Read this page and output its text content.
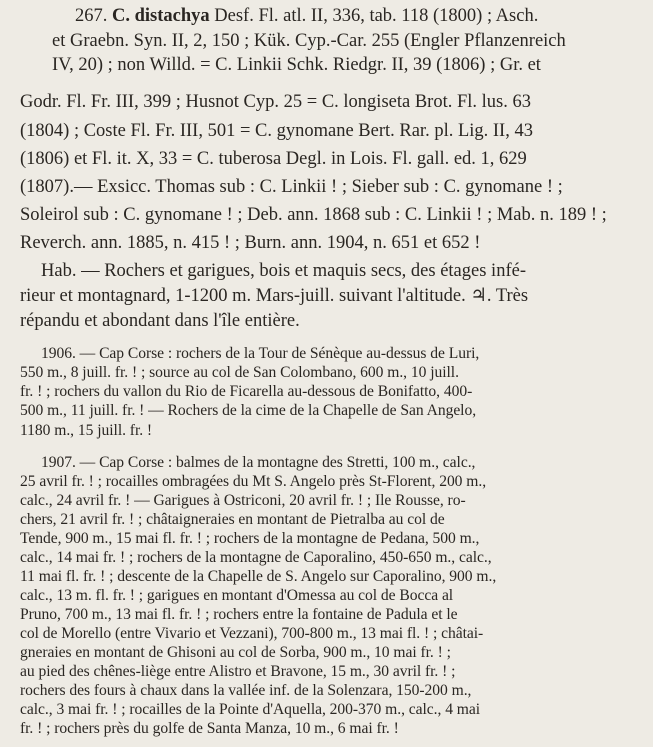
267. C. distachya Desf. Fl. atl. II, 336, tab. 118 (1800) ; Asch.
et Graebn. Syn. II, 2, 150 ; Kük. Cyp.-Car. 255 (Engler Pflanzenreich
IV, 20) ; non Willd. = C. Linkii Schk. Riedgr. II, 39 (1806) ; Gr. et
Godr. Fl. Fr. III, 399 ; Husnot Cyp. 25 = C. longiseta Brot. Fl. lus. 63
(1804) ; Coste Fl. Fr. III, 501 = C. gynomane Bert. Rar. pl. Lig. II, 43
(1806) et Fl. it. X, 33 = C. tuberosa Degl. in Lois. Fl. gall. ed. 1, 629
(1807).— Exsicc. Thomas sub : C. Linkii ! ; Sieber sub : C. gynomane ! ;
Soleirol sub : C. gynomane ! ; Deb. ann. 1868 sub : C. Linkii ! ; Mab. n. 189 ! ;
Reverch. ann. 1885, n. 415 ! ; Burn. ann. 1904, n. 651 et 652 !
Hab. — Rochers et garigues, bois et maquis secs, des étages infé-
rieur et montagnard, 1-1200 m. Mars-juill. suivant l'altitude. ♃. Très
répandu et abondant dans l'île entière.
1906. — Cap Corse : rochers de la Tour de Sénèque au-dessus de Luri,
550 m., 8 juill. fr. ! ; source au col de San Colombano, 600 m., 10 juill.
fr. ! ; rochers du vallon du Rio de Ficarella au-dessous de Bonifatto, 400-
500 m., 11 juill. fr. ! — Rochers de la cime de la Chapelle de San Angelo,
1180 m., 15 juill. fr. !
1907. — Cap Corse : balmes de la montagne des Stretti, 100 m., calc.,
25 avril fr. ! ; rocailles ombragées du Mt S. Angelo près St-Florent, 200 m.,
calc., 24 avril fr. ! — Garigues à Ostriconi, 20 avril fr. ! ; Ile Rousse, ro-
chers, 21 avril fr. ! ; châtaigneraies en montant de Pietralba au col de
Tende, 900 m., 15 mai fl. fr. ! ; rochers de la montagne de Pedana, 500 m.,
calc., 14 mai fr. ! ; rochers de la montagne de Caporalino, 450-650 m., calc.,
11 mai fl. fr. ! ; descente de la Chapelle de S. Angelo sur Caporalino, 900 m.,
calc., 13 m. fl. fr. ! ; garigues en montant d'Omessa au col de Bocca al
Pruno, 700 m., 13 mai fl. fr. ! ; rochers entre la fontaine de Padula et le
col de Morello (entre Vivario et Vezzani), 700-800 m., 13 mai fl. ! ; châtai-
gneraies en montant de Ghisoni au col de Sorba, 900 m., 10 mai fr. ! ;
au pied des chênes-liège entre Alistro et Bravone, 15 m., 30 avril fr. ! ;
rochers des fours à chaux dans la vallée inf. de la Solenzara, 150-200 m.,
calc., 3 mai fr. ! ; rocailles de la Pointe d'Aquella, 200-370 m., calc., 4 mai
fr. ! ; rochers près du golfe de Santa Manza, 10 m., 6 mai fr. !
